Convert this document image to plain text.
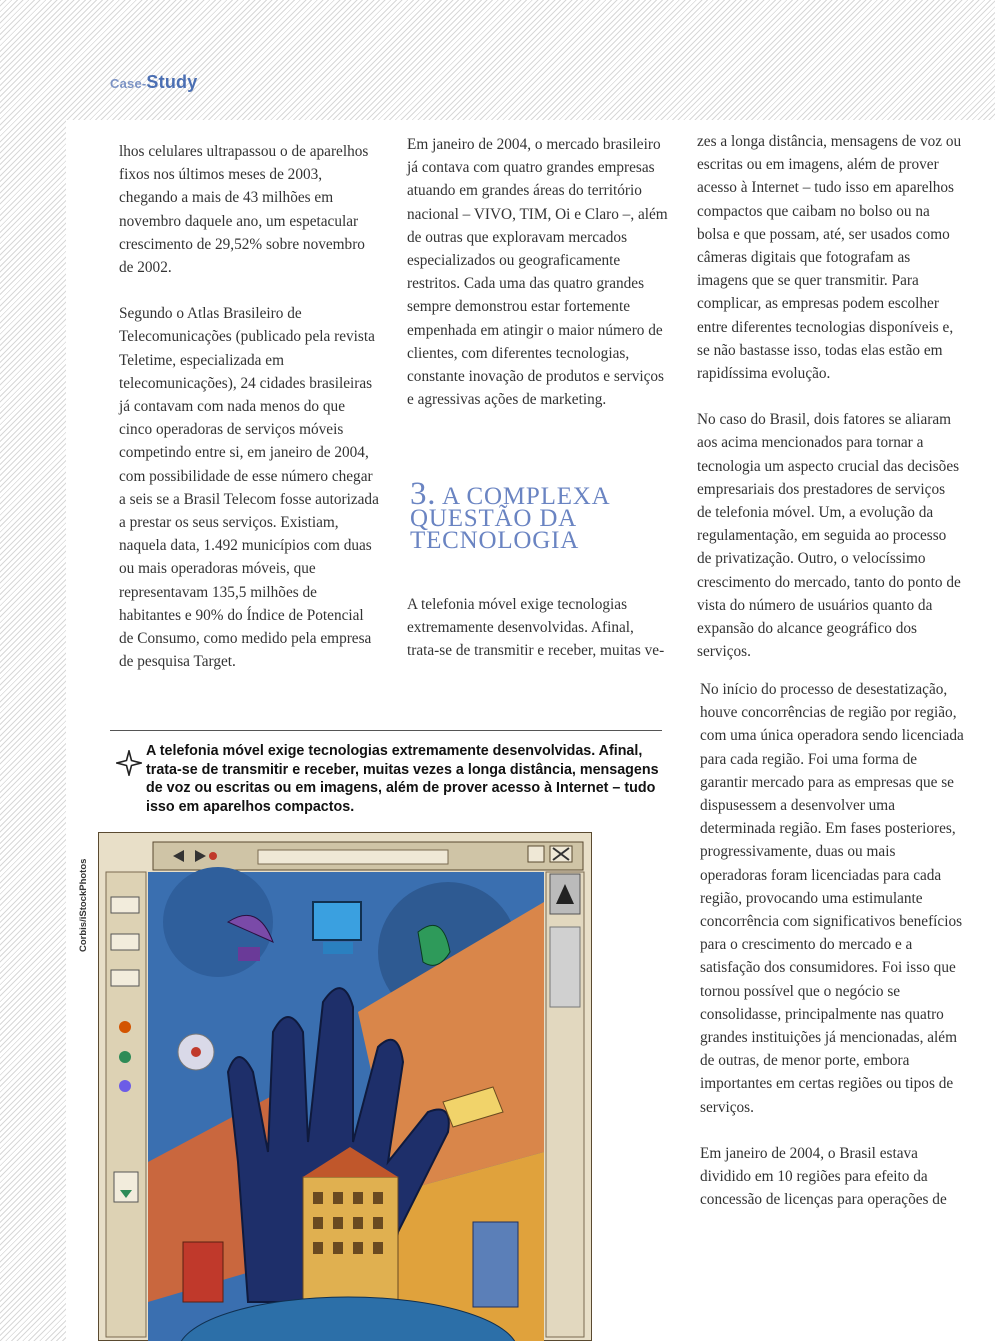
Case-Study

lhos celulares ultrapassou o de aparelhos fixos nos últimos meses de 2003, chegando a mais de 43 milhões em novembro daquele ano, um espetacular crescimento de 29,52% sobre novembro de 2002.

Segundo o Atlas Brasileiro de Telecomunicações (publicado pela revista Teletime, especializada em telecomunicações), 24 cidades brasileiras já contavam com nada menos do que cinco operadoras de serviços móveis competindo entre si, em janeiro de 2004, com possibilidade de esse número chegar a seis se a Brasil Telecom fosse autorizada a prestar os seus serviços. Existiam, naquela data, 1.492 municípios com duas ou mais operadoras móveis, que representavam 135,5 milhões de habitantes e 90% do Índice de Potencial de Consumo, como medido pela empresa de pesquisa Target.

Em janeiro de 2004, o mercado brasileiro já contava com quatro grandes empresas atuando em grandes áreas do território nacional – VIVO, TIM, Oi e Claro –, além de outras que exploravam mercados especializados ou geograficamente restritos. Cada uma das quatro grandes sempre demonstrou estar fortemente empenhada em atingir o maior número de clientes, com diferentes tecnologias, constante inovação de produtos e serviços e agressivas ações de marketing.

3. A COMPLEXA QUESTÃO DA TECNOLOGIA

A telefonia móvel exige tecnologias extremamente desenvolvidas. Afinal, trata-se de transmitir e receber, muitas ve-

zes a longa distância, mensagens de voz ou escritas ou em imagens, além de prover acesso à Internet – tudo isso em aparelhos compactos que caibam no bolso ou na bolsa e que possam, até, ser usados como câmeras digitais que fotografam as imagens que se quer transmitir. Para complicar, as empresas podem escolher entre diferentes tecnologias disponíveis e, se não bastasse isso, todas elas estão em rapidíssima evolução.

No caso do Brasil, dois fatores se aliaram aos acima mencionados para tornar a tecnologia um aspecto crucial das decisões empresariais dos prestadores de serviços de telefonia móvel. Um, a evolução da regulamentação, em seguida ao processo de privatização. Outro, o velocíssimo crescimento do mercado, tanto do ponto de vista do número de usuários quanto da expansão do alcance geográfico dos serviços.

No início do processo de desestatização, houve concorrências de região por região, com uma única operadora sendo licenciada para cada região. Foi uma forma de garantir mercado para as empresas que se dispusessem a desenvolver uma determinada região. Em fases posteriores, progressivamente, duas ou mais operadoras foram licenciadas para cada região, provocando uma estimulante concorrência com significativos benefícios para o crescimento do mercado e a satisfação dos consumidores. Foi isso que tornou possível que o negócio se consolidasse, principalmente nas quatro grandes instituições já mencionadas, além de outras, de menor porte, embora importantes em certas regiões ou tipos de serviços.

Em janeiro de 2004, o Brasil estava dividido em 10 regiões para efeito da concessão de licenças para operações de

A telefonia móvel exige tecnologias extremamente desenvolvidas. Afinal, trata-se de transmitir e receber, muitas vezes a longa distância, mensagens de voz ou escritas ou em imagens, além de prover acesso à Internet – tudo isso em aparelhos compactos.
Corbis/iStockPhotos
